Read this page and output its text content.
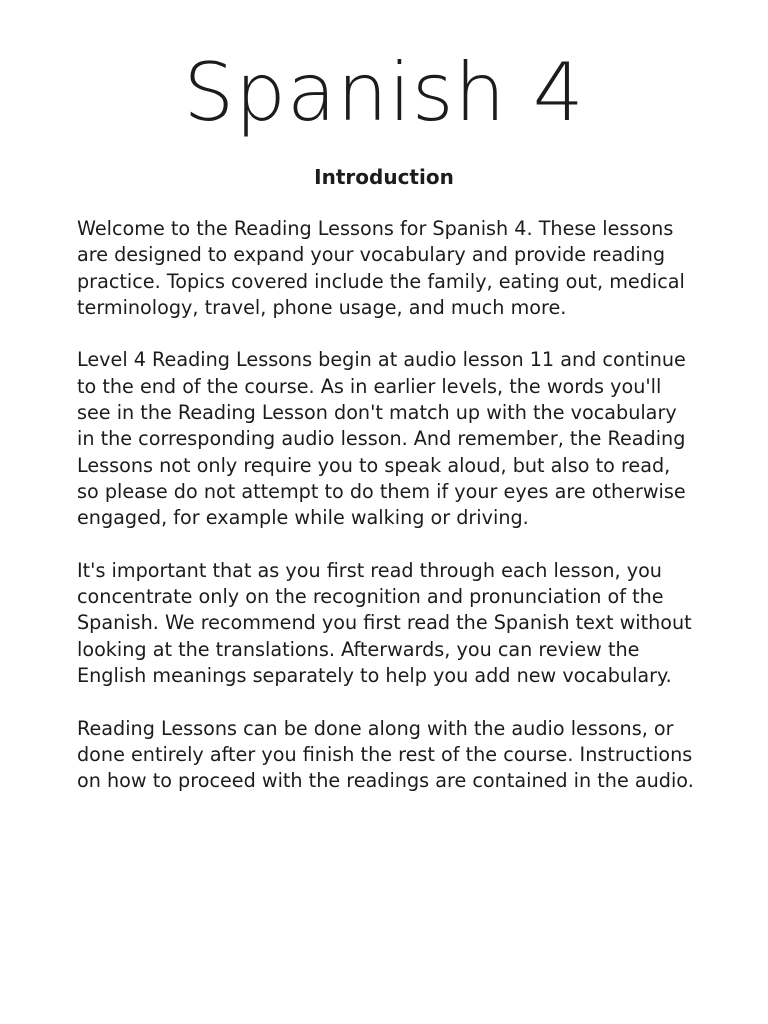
Spanish 4
Introduction

Welcome to the Reading Lessons for Spanish 4. These lessons are designed to expand your vocabulary and provide reading practice. Topics covered include the family, eating out, medical terminology, travel, phone usage, and much more.

Level 4 Reading Lessons begin at audio lesson 11 and continue to the end of the course. As in earlier levels, the words you'll see in the Reading Lesson don't match up with the vocabulary in the corresponding audio lesson. And remember, the Reading Lessons not only require you to speak aloud, but also to read, so please do not attempt to do them if your eyes are otherwise engaged, for example while walking or driving.

It's important that as you first read through each lesson, you concentrate only on the recognition and pronunciation of the Spanish. We recommend you first read the Spanish text without looking at the translations. Afterwards, you can review the English meanings separately to help you add new vocabulary.

Reading Lessons can be done along with the audio lessons, or done entirely after you finish the rest of the course. Instructions on how to proceed with the readings are contained in the audio.
